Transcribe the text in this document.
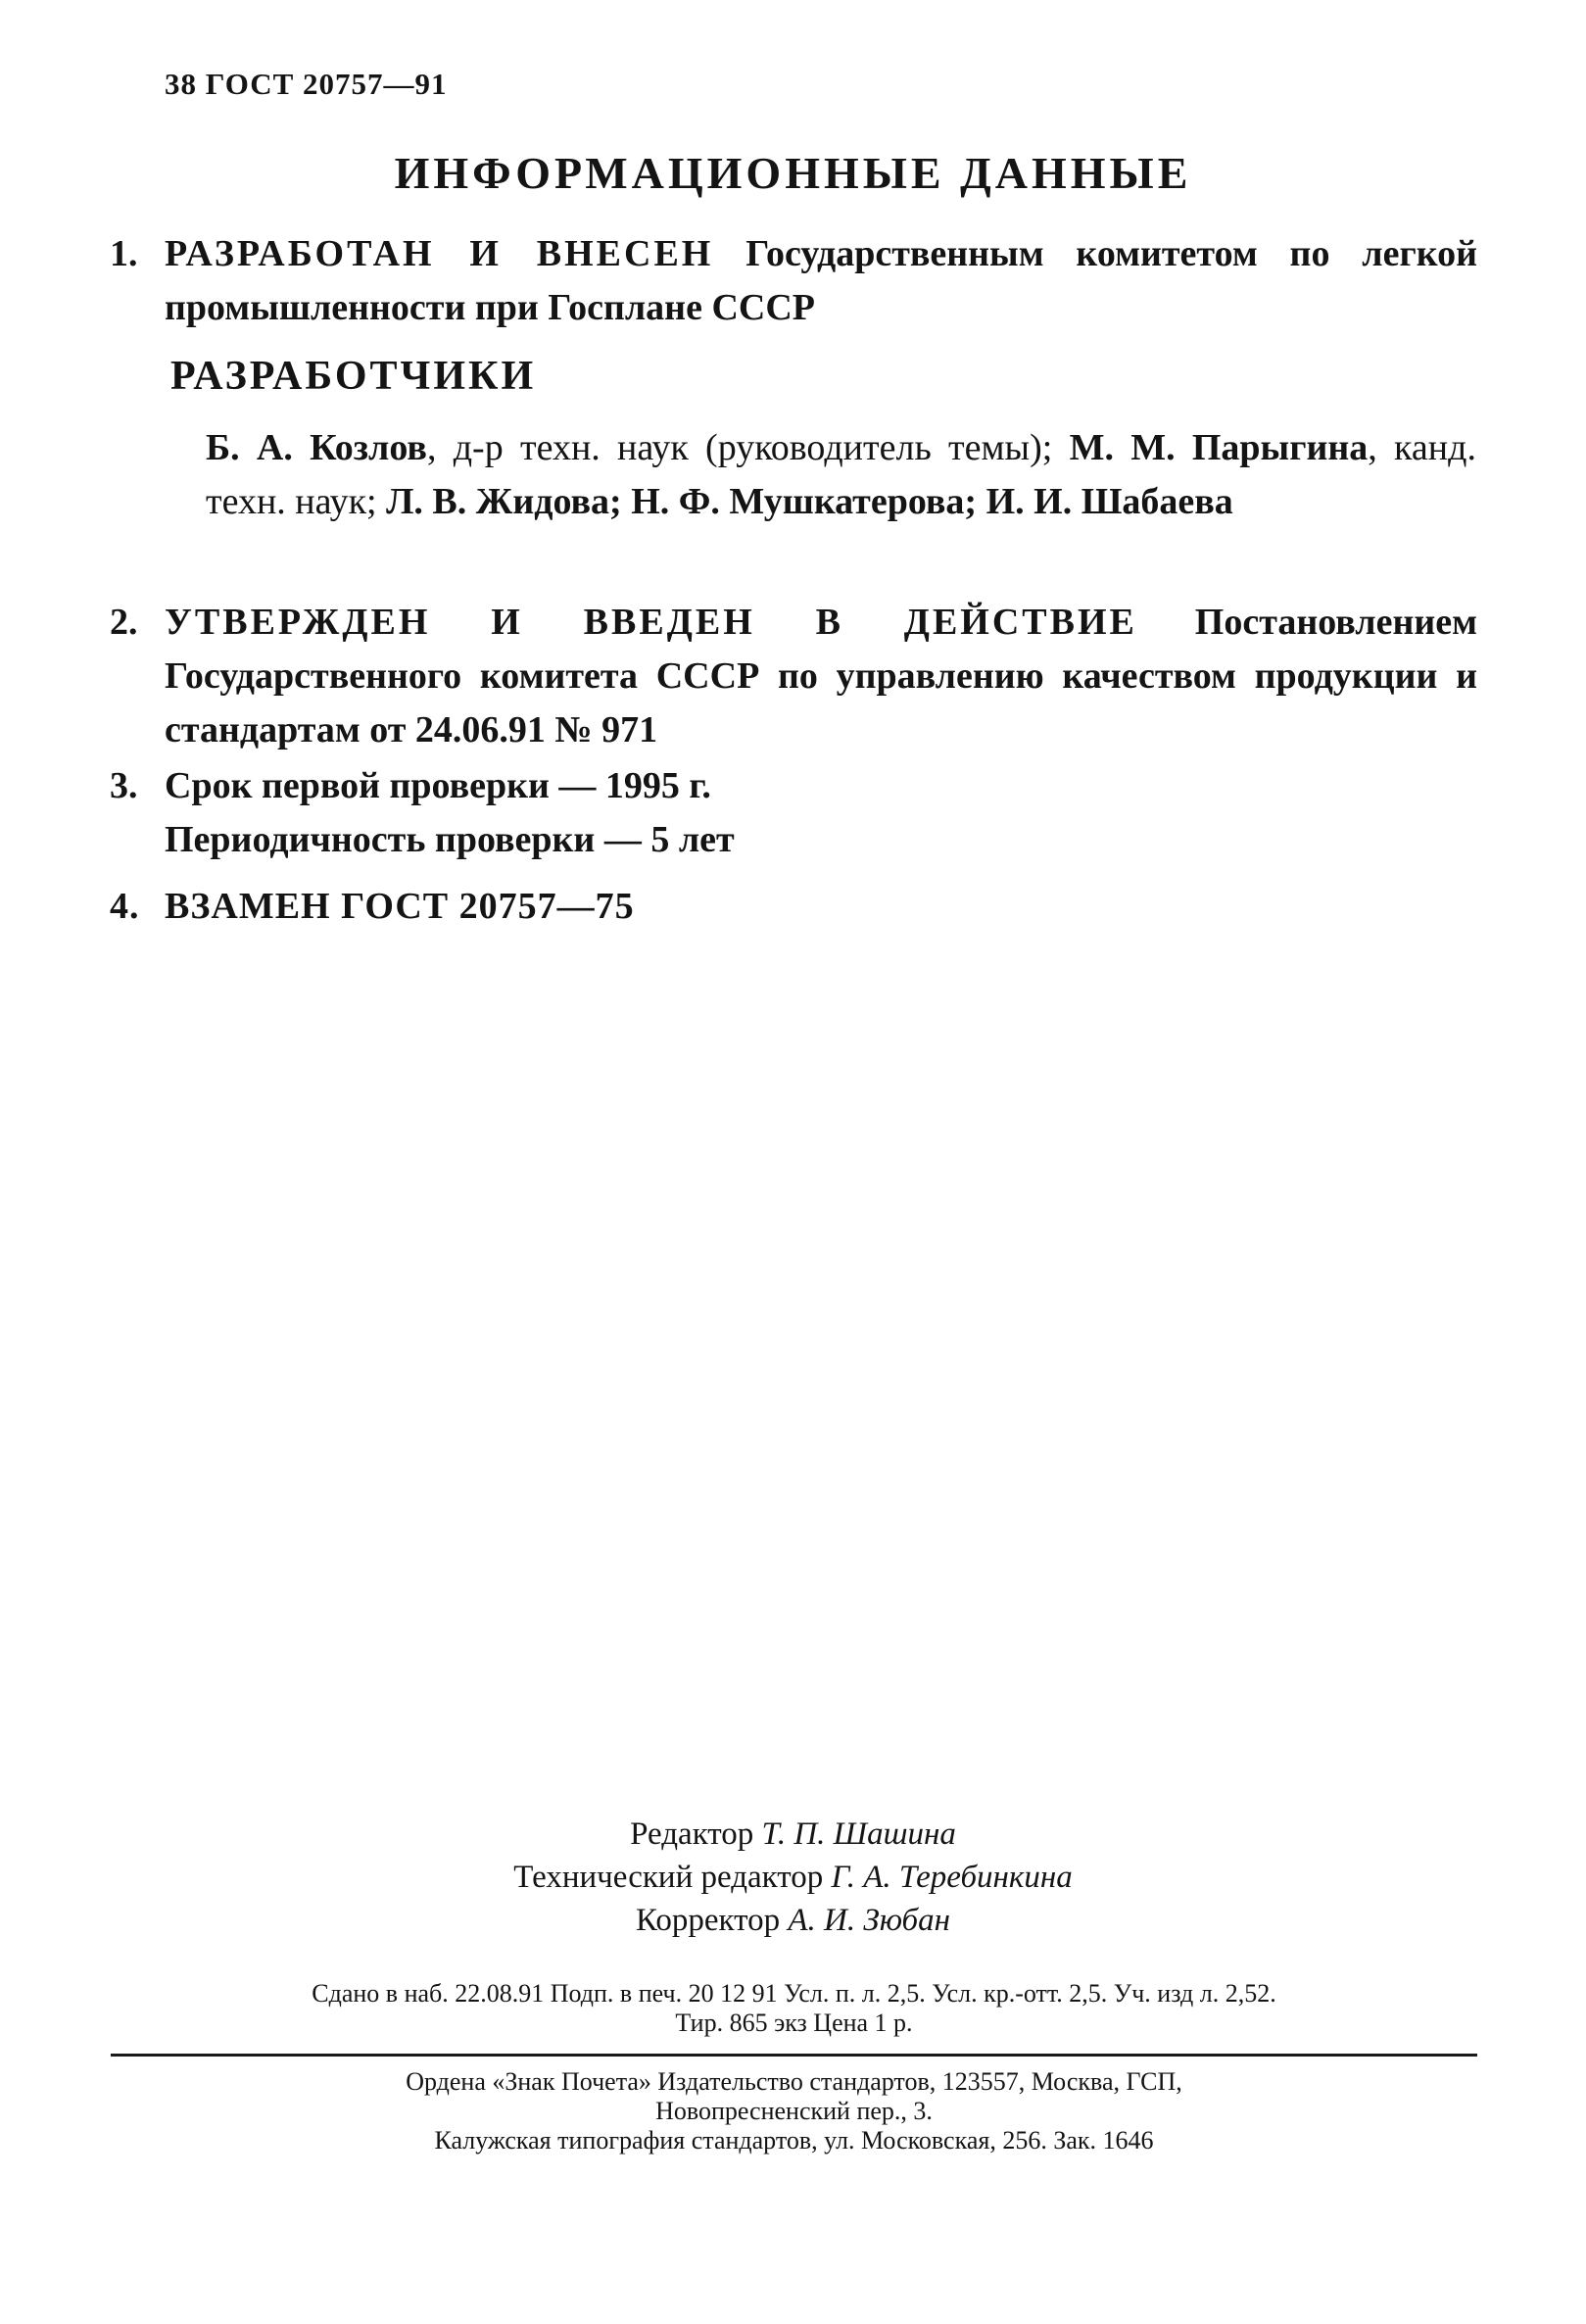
38 ГОСТ 20757—91
ИНФОРМАЦИОННЫЕ ДАННЫЕ
1. РАЗРАБОТАН И ВНЕСЕН Государственным комитетом по легкой промышленности при Госплане СССР
РАЗРАБОТЧИКИ
Б. А. Козлов, д-р техн. наук (руководитель темы); М. М. Парыгина, канд. техн. наук; Л. В. Жидова; Н. Ф. Мушкатерова; И. И. Шабаева
2. УТВЕРЖДЕН И ВВЕДЕН В ДЕЙСТВИЕ Постановлением Государственного комитета СССР по управлению качеством продукции и стандартам от 24.06.91 № 971
3. Срок первой проверки — 1995 г.
Периодичность проверки — 5 лет
4. ВЗАМЕН ГОСТ 20757—75
Редактор Т. П. Шашина
Технический редактор Г. А. Теребинкина
Корректор А. И. Зюбан
Сдано в наб. 22.08.91 Подп. в печ. 20 12 91 Усл. п. л. 2,5. Усл. кр.-отт. 2,5. Уч. изд л. 2,52.
Тир. 865 экз Цена 1 р.
Ордена «Знак Почета» Издательство стандартов, 123557, Москва, ГСП,
Новопресненский пер., 3.
Калужская типография стандартов, ул. Московская, 256. Зак. 1646
